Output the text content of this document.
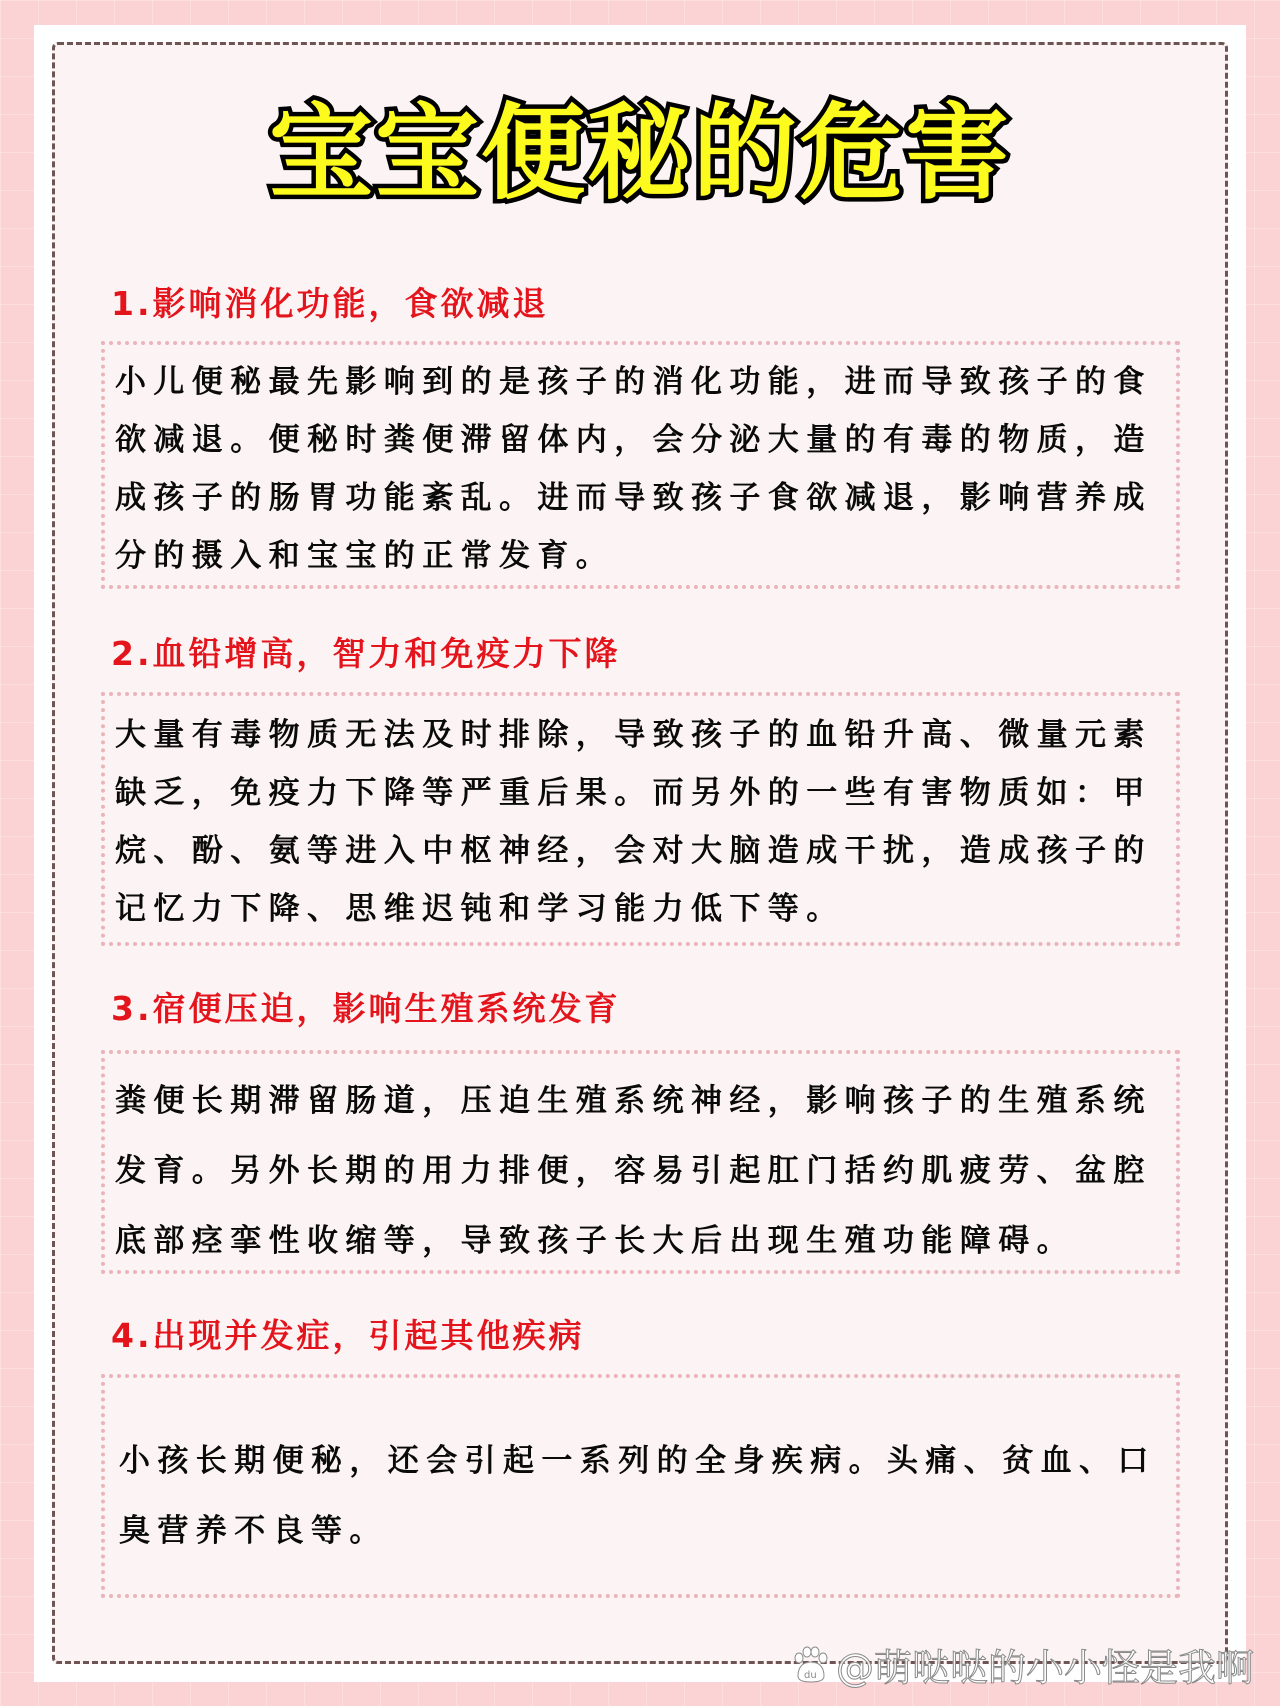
宝宝便秘的危害
1.影响消化功能，食欲减退

小儿便秘最先影响到的是孩子的消化功能，进而导致孩子的食欲减退。便秘时粪便滞留体内，会分泌大量的有毒的物质，造成孩子的肠胃功能紊乱。进而导致孩子食欲减退，影响营养成分的摄入和宝宝的正常发育。

2.血铅增高，智力和免疫力下降

大量有毒物质无法及时排除，导致孩子的血铅升高、微量元素缺乏，免疫力下降等严重后果。而另外的一些有害物质如：甲烷、酚、氨等进入中枢神经，会对大脑造成干扰，造成孩子的记忆力下降、思维迟钝和学习能力低下等。

3.宿便压迫，影响生殖系统发育

粪便长期滞留肠道，压迫生殖系统神经，影响孩子的生殖系统发育。另外长期的用力排便，容易引起肛门括约肌疲劳、盆腔底部痉挛性收缩等，导致孩子长大后出现生殖功能障碍。

4.出现并发症，引起其他疾病

小孩长期便秘，还会引起一系列的全身疾病。头痛、贫血、口臭营养不良等。

du @萌哒哒的小小怪是我啊
